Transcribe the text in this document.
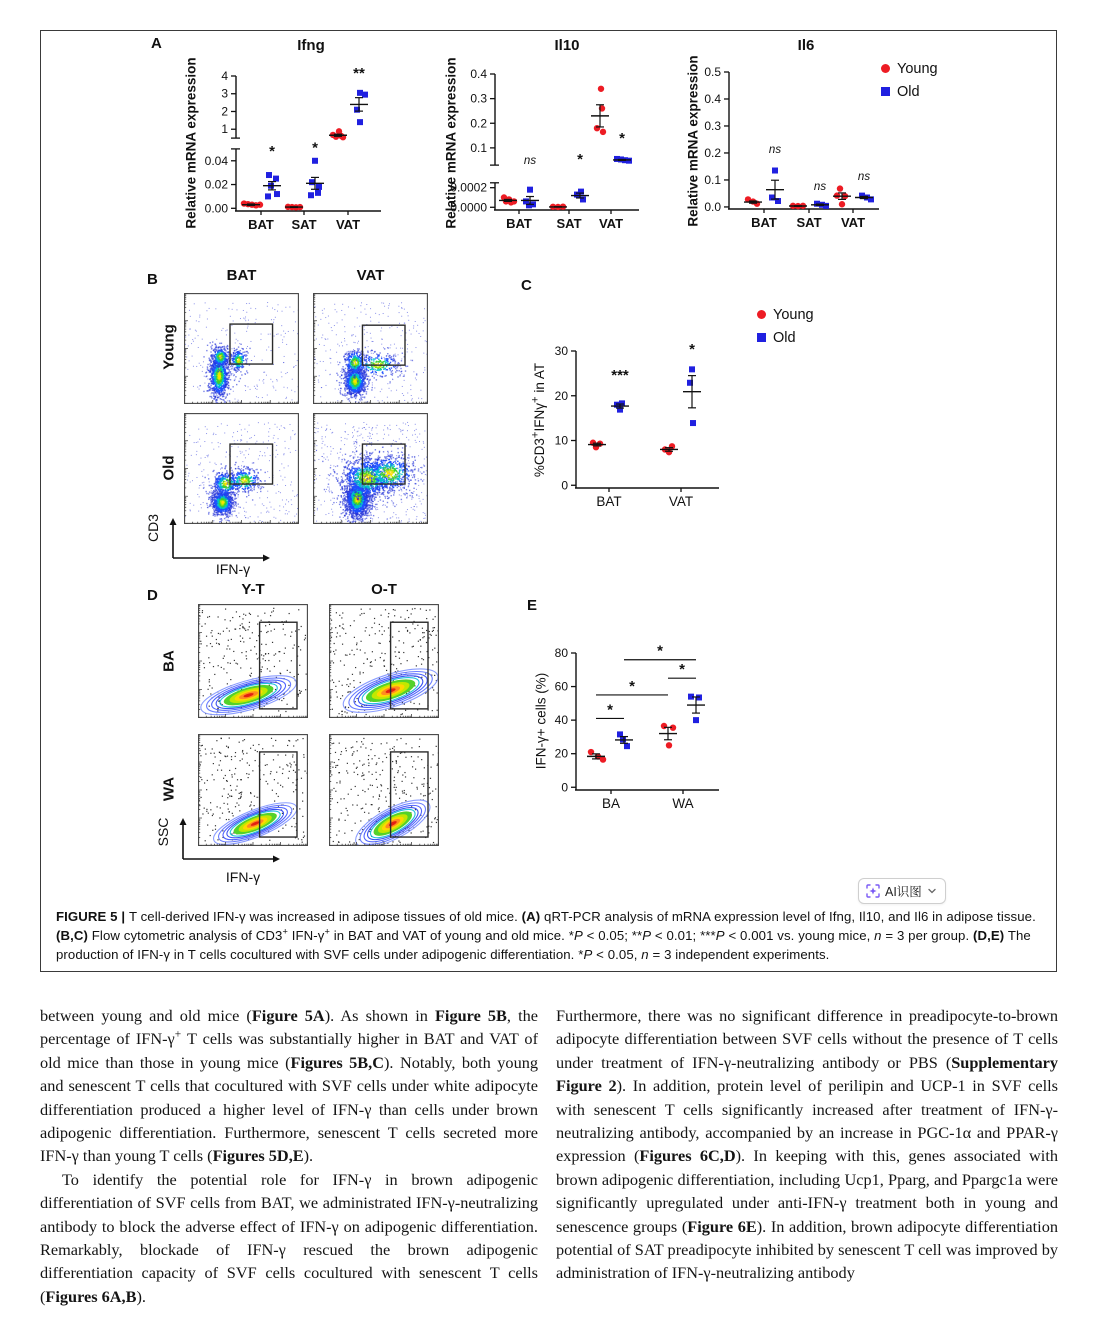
0.00
0.02
0.04
1
2
3
4
BAT SAT VAT
* *
**
0.0000
0.0002
0.1
0.2
0.3
0.4
BAT SAT VAT
ns	*
*
0.0
0.1
0.2
0.3
0.4
0.5
BAT SAT VAT
ns
ns
ns
0
10
20
30
BAT	VAT
***
*
0
20
40
60
80
BA	WA
*
*
*
*
A
B	C
D
E
Ifng	Il10	Il6
Relative mRNA expression	Relative mRNA expression	Relative mRNA expression	Young
Old
BAT	VAT
Young
Old
CD3
IFN-γ
Young
Old
%CD3+IFNγ+ in AT
Y-T	O-T
BA
WA
SSC
IFN-γ
IFN-γ+ cells (%)
FIGURE 5 | T cell-derived IFN-γ was increased in adipose tissues of old mice. (A) qRT-PCR analysis of mRNA expression level of Ifng, Il10, and Il6 in adipose tissue. (B,C) Flow cytometric analysis of CD3+ IFN-γ+ in BAT and VAT of young and old mice. *P < 0.05; **P < 0.01; ***P < 0.001 vs. young mice, n = 3 per group. (D,E) The production of IFN-γ in T cells cocultured with SVF cells under adipogenic differentiation. *P < 0.05, n = 3 independent experiments.
AI识图

between young and old mice (Figure 5A). As shown in Figure 5B, the percentage of IFN-γ+ T cells was substantially higher in BAT and VAT of old mice than those in young mice (Figures 5B,C). Notably, both young and senescent T cells that cocultured with SVF cells under white adipocyte differentiation produced a higher level of IFN-γ than cells under brown adipogenic differentiation. Furthermore, senescent T cells secreted more IFN-γ than young T cells (Figures 5D,E).

To identify the potential role for IFN-γ in brown adipogenic differentiation of SVF cells from BAT, we administrated IFN-γ-neutralizing antibody to block the adverse effect of IFN-γ on adipogenic differentiation. Remarkably, blockade of IFN-γ rescued the brown adipogenic differentiation capacity of SVF cells cocultured with senescent T cells (Figures 6A,B).

Furthermore, there was no significant difference in preadipocyte-to-brown adipocyte differentiation between SVF cells without the presence of T cells under treatment of IFN-γ-neutralizing antibody or PBS (Supplementary Figure 2). In addition, protein level of perilipin and UCP-1 in SVF cells with senescent T cells significantly increased after treatment of IFN-γ-neutralizing antibody, accompanied by an increase in PGC-1α and PPAR-γ expression (Figures 6C,D). In keeping with this, genes associated with brown adipogenic differentiation, including Ucp1, Pparg, and Ppargc1a were significantly upregulated under anti-IFN-γ treatment both in young and senescence groups (Figure 6E). In addition, brown adipocyte differentiation potential of SAT preadipocyte inhibited by senescent T cell was improved by administration of IFN-γ-neutralizing antibody
